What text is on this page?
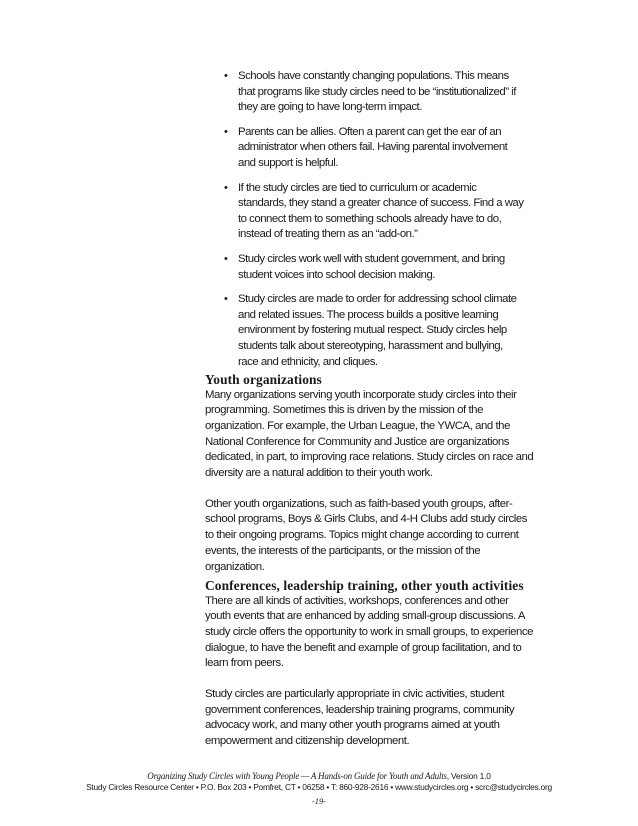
• Schools have constantly changing populations. This means that programs like study circles need to be “institutionalized” if they are going to have long-term impact.
• Parents can be allies. Often a parent can get the ear of an administrator when others fail. Having parental involvement and support is helpful.
• If the study circles are tied to curriculum or academic standards, they stand a greater chance of success. Find a way to connect them to something schools already have to do, instead of treating them as an “add-on.”
• Study circles work well with student government, and bring student voices into school decision making.
• Study circles are made to order for addressing school climate and related issues. The process builds a positive learning environment by fostering mutual respect. Study circles help students talk about stereotyping, harassment and bullying, race and ethnicity, and cliques.
Youth organizations

Many organizations serving youth incorporate study circles into their programming. Sometimes this is driven by the mission of the organization. For example, the Urban League, the YWCA, and the National Conference for Community and Justice are organizations dedicated, in part, to improving race relations. Study circles on race and diversity are a natural addition to their youth work.

Other youth organizations, such as faith-based youth groups, after-school programs, Boys & Girls Clubs, and 4-H Clubs add study circles to their ongoing programs. Topics might change according to current events, the interests of the participants, or the mission of the organization.

Conferences, leadership training, other youth activities

There are all kinds of activities, workshops, conferences and other youth events that are enhanced by adding small-group discussions. A study circle offers the opportunity to work in small groups, to experience dialogue, to have the benefit and example of group facilitation, and to learn from peers.

Study circles are particularly appropriate in civic activities, student government conferences, leadership training programs, community advocacy work, and many other youth programs aimed at youth empowerment and citizenship development.

Organizing Study Circles with Young People — A Hands-on Guide for Youth and Adults, Version 1.0
Study Circles Resource Center • P.O. Box 203 • Pomfret, CT • 06258 • T: 860-928-2616 • www.studycircles.org • scrc@studycircles.org
-19-
